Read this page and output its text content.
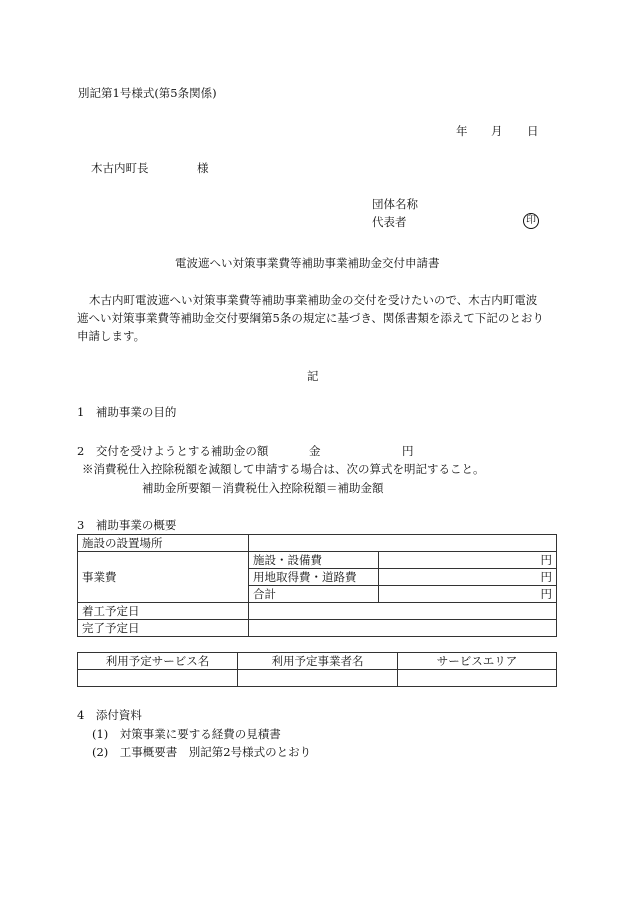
別記第1号様式(第5条関係)
年 月 日
木古内町長	様
団体名称
代表者	印
電波遮へい対策事業費等補助事業補助金交付申請書
木古内町電波遮へい対策事業費等補助事業補助金の交付を受けたいので、木古内町電波
遮へい対策事業費等補助金交付要綱第5条の規定に基づき、関係書類を添えて下記のとおり
申請します。
記
1　補助事業の目的
2　交付を受けようとする補助金の額	金	円
※消費税仕入控除税額を減額して申請する場合は、次の算式を明記すること。
補助金所要額－消費税仕入控除税額＝補助金額
3　補助事業の概要
施設の設置場所		
事業費	施設・設備費	円
	用地取得費・道路費	円
	合計	円
着工予定日		
完了予定日		
利用予定サービス名	利用予定事業者名	サービスエリア

4　添付資料
(1)　対策事業に要する経費の見積書
(2)　工事概要書　別記第2号様式のとおり
